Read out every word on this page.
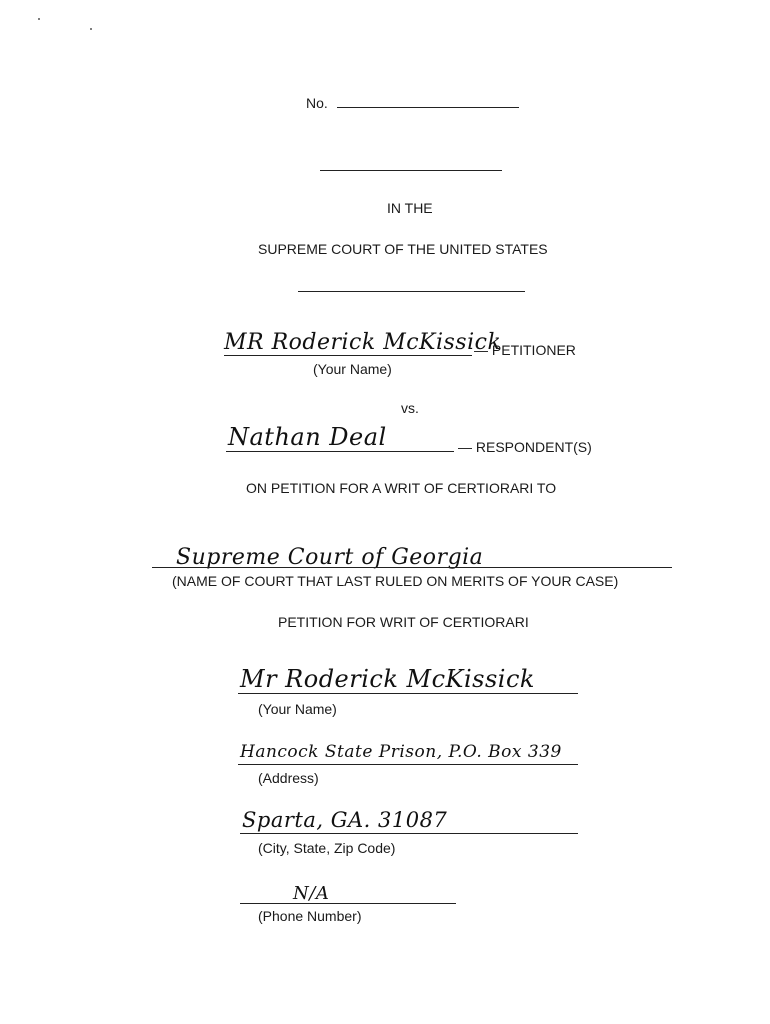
No.
IN THE
SUPREME COURT OF THE UNITED STATES
MR Roderick McKissick
— PETITIONER
(Your Name)
vs.
Nathan Deal	— RESPONDENT(S)
ON PETITION FOR A WRIT OF CERTIORARI TO
Supreme Court of Georgia
(NAME OF COURT THAT LAST RULED ON MERITS OF YOUR CASE)
PETITION FOR WRIT OF CERTIORARI
Mr Roderick McKissick
(Your Name)
Hancock State Prison, P.O. Box 339
(Address)
Sparta, GA. 31087
(City, State, Zip Code)
N/A
(Phone Number)
